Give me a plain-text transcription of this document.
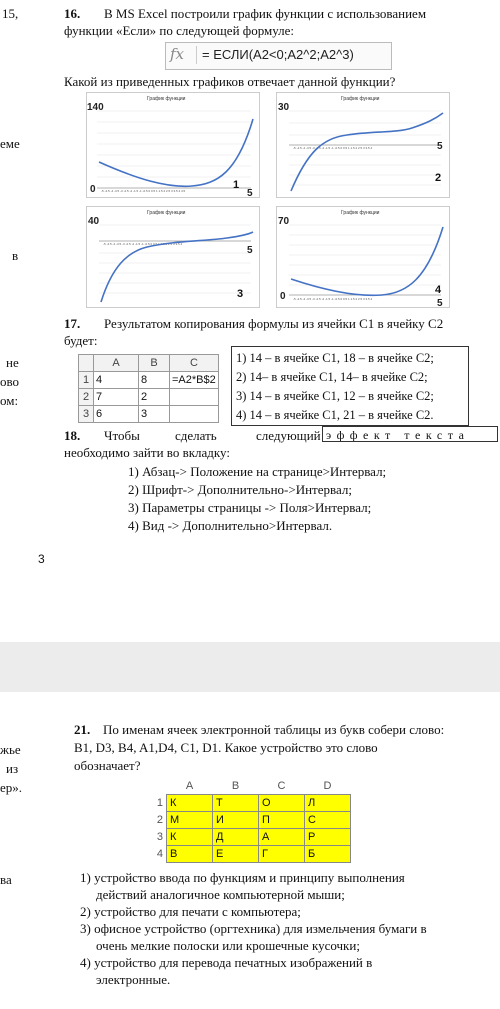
15,
еме
в
не
ово
ом:
3
жье
из
ер».
ва
16. В MS Excel построили график функции с использованием
функции «Если» по следующей формуле:
fx	= ЕСЛИ(A2<0;A2^2;A2^3)
Какой из приведенных графиков отвечает данной функции?
График функции
140
0 -5 -4.5 -4 -3.5 -3 -2.5 -2 -1.5 -1 -0.5 0 0.5 1 1.5 2 2.5 3 3.5 4 4.5	5
1
График функции
30
-5 -4.5 -4 -3.5 -3 -2.5 -2 -1.5 -1 -0.5 0 0.5 1 1.5 2 2.5 3 3.5 4	5
2
График функции
40
-5 -4.5 -4 -3.5 -3 -2.5 -2 -1.5 -1 -0.5 0 0.5 1 1.5 2 2.5 3 3.5 4
5
3
График функции
70
0 -5 -4.5 -4 -3.5 -3 -2.5 -2 -1.5 -1 -0.5 0 0.5 1 1.5 2 2.5 3 3.5 4	5
4
17. Результатом копирования формулы из ячейки C1 в ячейку C2
будет:
	A	B	C
1	4	8	=A2*B$2
2	7	2	
3	6	3	
1) 14 – в ячейке C1, 18 – в ячейке C2;
2) 14– в ячейке C1, 14– в ячейке C2;
3) 14 – в ячейке C1, 12 – в ячейке C2;
4) 14 – в ячейке C1, 21 – в ячейке C2.
18. Чтобы	сделать	следующий эффект текста
необходимо зайти во вкладку:
1) Абзац-> Положение на странице>Интервал;
2) Шрифт-> Дополнительно->Интервал;
3) Параметры страницы -> Поля>Интервал;
4) Вид -> Дополнительно>Интервал.
21. По именам ячеек электронной таблицы из букв собери слово:
B1, D3, B4, A1,D4, C1, D1. Какое устройство это слово
обозначает?
	A	B	C	D
1	К	Т	О	Л
2	М	И	П	С
3	К	Д	А	Р
4	В	Е	Г	Б
1) устройство ввода по функциям и принципу выполнения
действий аналогичное компьютерной мыши;
2) устройство для печати с компьютера;
3) офисное устройство (оргтехника) для измельчения бумаги в
очень мелкие полоски или крошечные кусочки;
4) устройство для перевода печатных изображений в
электронные.
